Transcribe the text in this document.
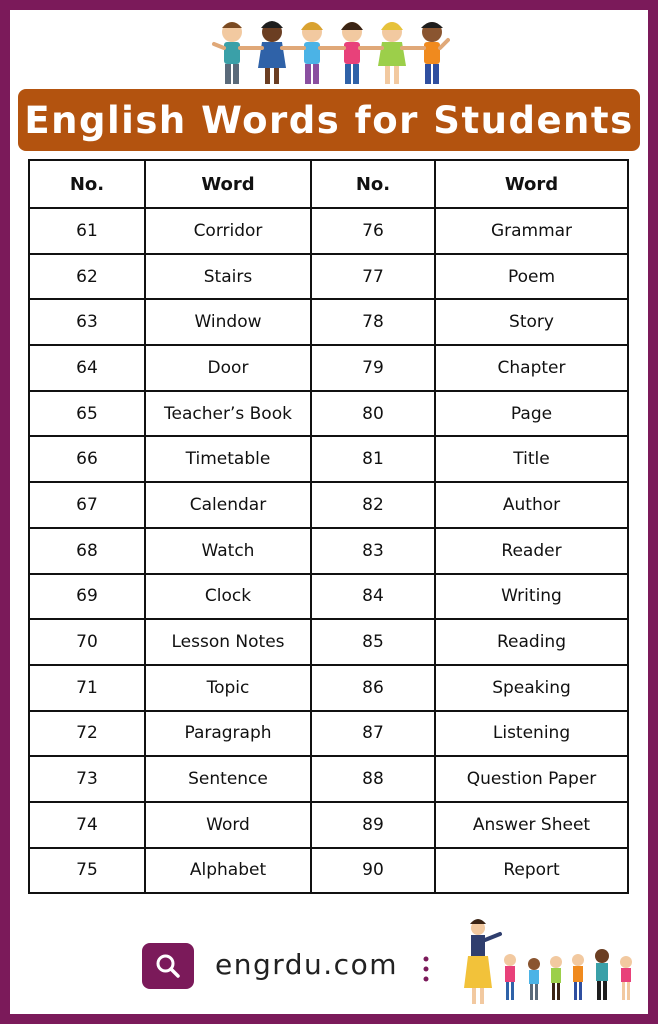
English Words for Students
No.	Word	No.	Word
61	Corridor	76	Grammar
62	Stairs	77	Poem
63	Window	78	Story
64	Door	79	Chapter
65	Teacher’s Book	80	Page
66	Timetable	81	Title
67	Calendar	82	Author
68	Watch	83	Reader
69	Clock	84	Writing
70	Lesson Notes	85	Reading
71	Topic	86	Speaking
72	Paragraph	87	Listening
73	Sentence	88	Question Paper
74	Word	89	Answer Sheet
75	Alphabet	90	Report
engrdu.com
